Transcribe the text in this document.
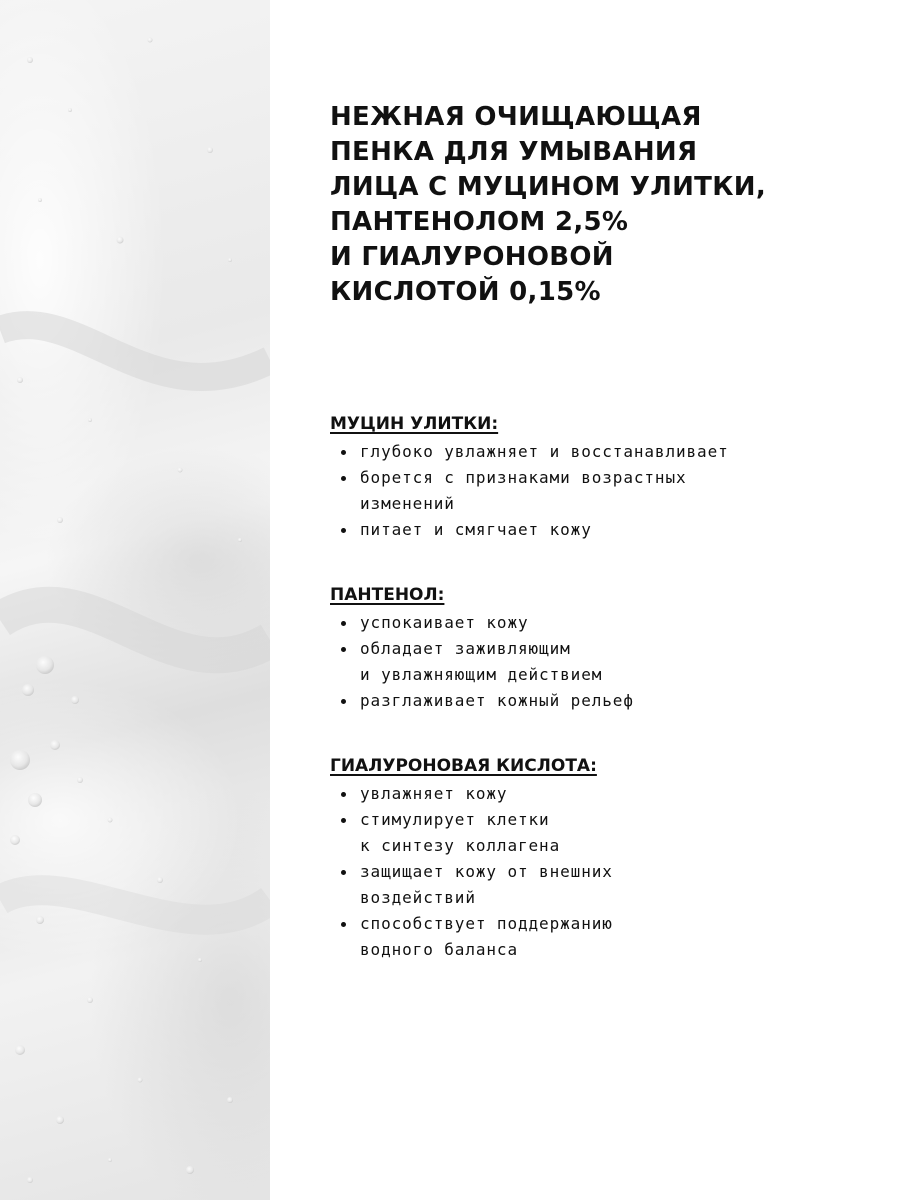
НЕЖНАЯ ОЧИЩАЮЩАЯ
ПЕНКА ДЛЯ УМЫВАНИЯ
ЛИЦА С МУЦИНОМ УЛИТКИ,
ПАНТЕНОЛОМ 2,5%
И ГИАЛУРОНОВОЙ
КИСЛОТОЙ 0,15%
МУЦИН УЛИТКИ:
глубоко увлажняет и восстанавливает
борется с признаками возрастных
изменений
питает и смягчает кожу
ПАНТЕНОЛ:
успокаивает кожу
обладает заживляющим
и увлажняющим действием
разглаживает кожный рельеф
ГИАЛУРОНОВАЯ КИСЛОТА:
увлажняет кожу
стимулирует клетки
к синтезу коллагена
защищает кожу от внешних
воздействий
способствует поддержанию
водного баланса
